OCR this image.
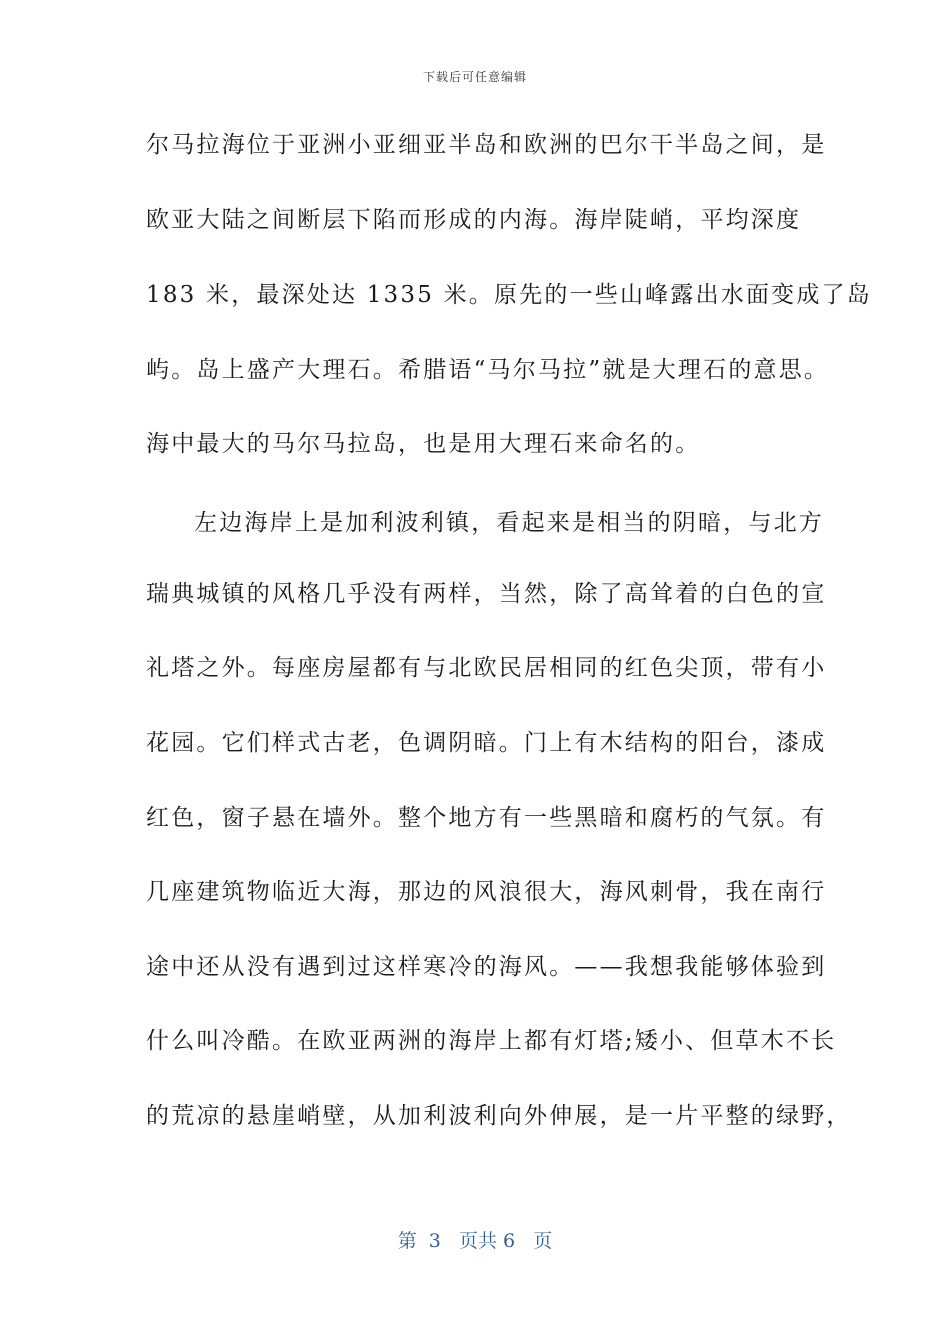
下载后可任意编辑
尔马拉海位于亚洲小亚细亚半岛和欧洲的巴尔干半岛之间，是
欧亚大陆之间断层下陷而形成的内海。海岸陡峭，平均深度
183 米，最深处达 1335 米。原先的一些山峰露出水面变成了岛
屿。岛上盛产大理石。希腊语“马尔马拉”就是大理石的意思。
海中最大的马尔马拉岛，也是用大理石来命名的。
左边海岸上是加利波利镇，看起来是相当的阴暗，与北方
瑞典城镇的风格几乎没有两样，当然，除了高耸着的白色的宣
礼塔之外。每座房屋都有与北欧民居相同的红色尖顶，带有小
花园。它们样式古老，色调阴暗。门上有木结构的阳台，漆成
红色，窗子悬在墙外。整个地方有一些黑暗和腐朽的气氛。有
几座建筑物临近大海，那边的风浪很大，海风刺骨，我在南行
途中还从没有遇到过这样寒冷的海风。——我想我能够体验到
什么叫冷酷。在欧亚两洲的海岸上都有灯塔;矮小、但草木不长
的荒凉的悬崖峭壁，从加利波利向外伸展，是一片平整的绿野，
第  3   页共 6   页
